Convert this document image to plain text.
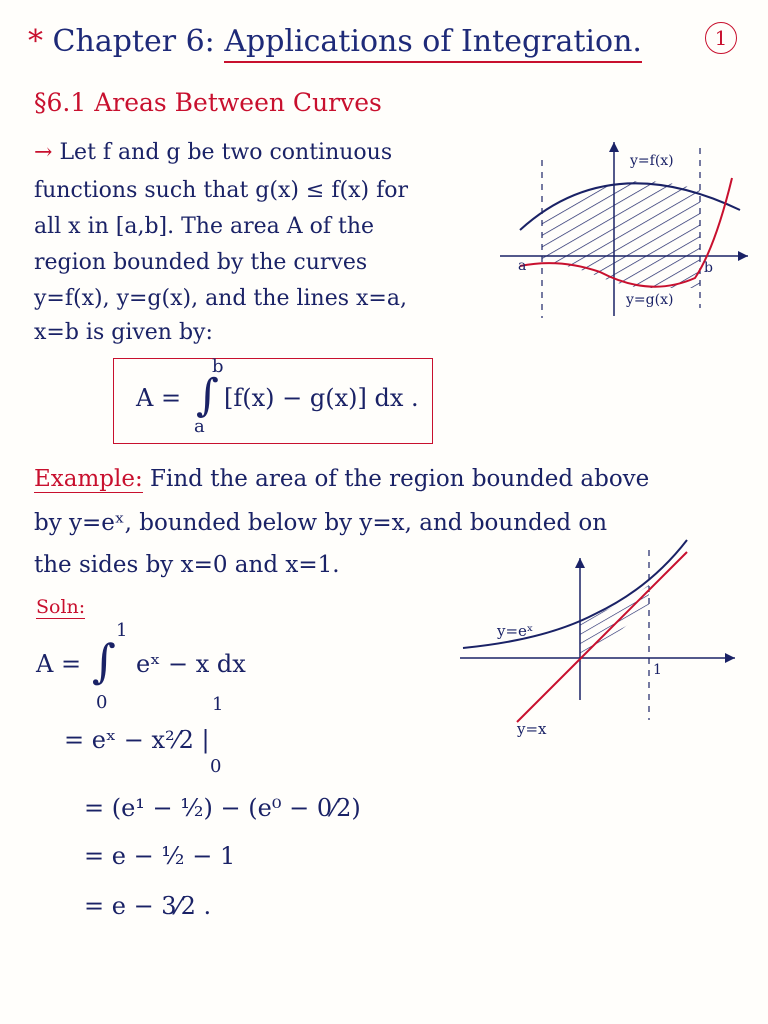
1
* Chapter 6: Applications of Integration.
§6.1 Areas Between Curves
→ Let f and g be two continuous
functions such that g(x) ≤ f(x) for
all x in [a,b]. The area A of the
region bounded by the curves
y=f(x), y=g(x), and the lines x=a,
x=b is given by:
A = ∫
b
a
[f(x) − g(x)] dx .
y=f(x)
y=g(x)
a	b
Example: Find the area of the region bounded above
by y=eˣ, bounded below by y=x, and bounded on
the sides by x=0 and x=1.
y=eˣ
y=x
1
Soln:
A = ∫
1
0
eˣ − x dx
= eˣ − x²⁄2 |
1
0
= (e¹ − ½) − (e⁰ − 0⁄2)
= e − ½ − 1
= e − 3⁄2 .
